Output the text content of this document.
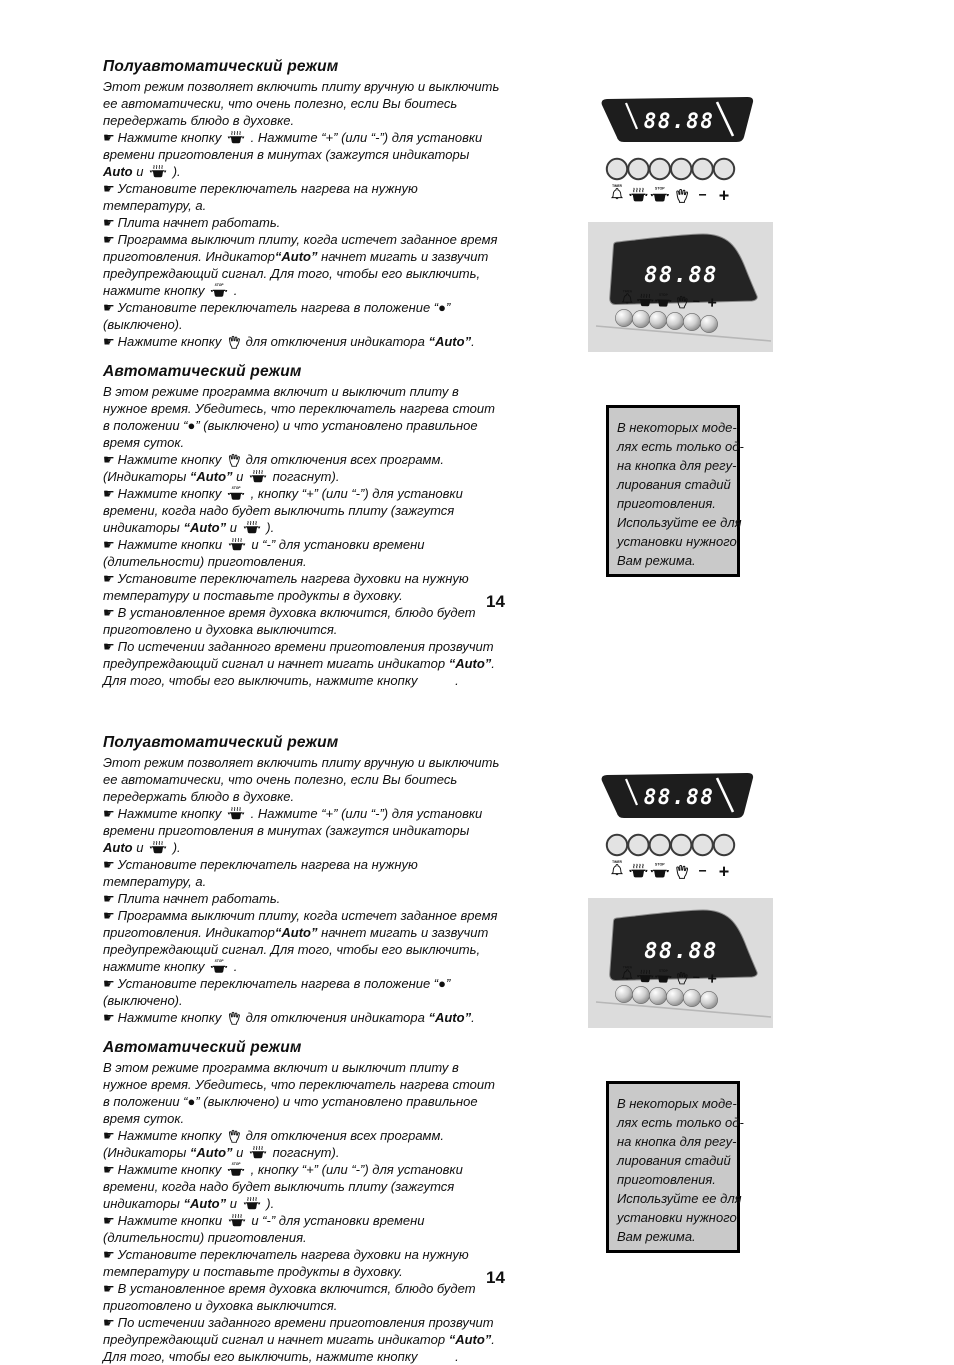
Полуавтоматический режим

Этот режим позволяет включить плиту вручную и выключить ее автоматически, что очень полезно, если Вы боитесь передержать блюдо в духовке.

☛ Нажмите кнопку . Нажмите “+” (или “-”) для установки времени приготовления в минутах (зажгутся индикаторы Auto и ).
☛ Установите переключатель нагрева на нужную температуру, а.
☛ Плита начнет работать.
☛ Программа выключит плиту, когда истечет заданное время приготовления. Индикатор“Auto” начнет мигать и зазвучит предупреждающий сигнал. Для того, чтобы его выключить, нажмите кнопку .
☛ Установите переключатель нагрева в положение “●” (выключено).
☛ Нажмите кнопку для отключения индикатора “Auto”.
Автоматический режим

В этом режиме программа включит и выключит плиту в нужное время. Убедитесь, что переключатель нагрева стоит в положении “●” (выключено) и что установлено правильное время суток.

☛ Нажмите кнопку для отключения всех программ. (Индикаторы “Auto” и погаснут).
☛ Нажмите кнопку , кнопку “+” (или “-”) для установки времени, когда надо будет выключить плиту (зажгутся индикаторы “Auto” и ).
☛ Нажмите кнопки и “-” для установки времени (длительности) приготовления.
☛ Установите переключатель нагрева духовки на нужную температуру и поставьте продукты в духовку.
☛ В установленное время духовка включится, блюдо будет приготовлено и духовка выключится.
☛ По истечении заданного времени приготовления прозвучит предупреждающий сигнал и начнет мигать индикатор “Auto”. Для того, чтобы его выключить, нажмите кнопку	.
14
88.88
− +
88.88
− +
В некоторых моде-
лях есть только од-
на кнопка для регу-
лирования стадий
приготовления.
Используйте ее для
установки нужного
Вам режима.
Полуавтоматический режим

Этот режим позволяет включить плиту вручную и выключить ее автоматически, что очень полезно, если Вы боитесь передержать блюдо в духовке.

☛ Нажмите кнопку . Нажмите “+” (или “-”) для установки времени приготовления в минутах (зажгутся индикаторы Auto и ).
☛ Установите переключатель нагрева на нужную температуру, а.
☛ Плита начнет работать.
☛ Программа выключит плиту, когда истечет заданное время приготовления. Индикатор“Auto” начнет мигать и зазвучит предупреждающий сигнал. Для того, чтобы его выключить, нажмите кнопку .
☛ Установите переключатель нагрева в положение “●” (выключено).
☛ Нажмите кнопку для отключения индикатора “Auto”.
Автоматический режим

В этом режиме программа включит и выключит плиту в нужное время. Убедитесь, что переключатель нагрева стоит в положении “●” (выключено) и что установлено правильное время суток.

☛ Нажмите кнопку для отключения всех программ. (Индикаторы “Auto” и погаснут).
☛ Нажмите кнопку , кнопку “+” (или “-”) для установки времени, когда надо будет выключить плиту (зажгутся индикаторы “Auto” и ).
☛ Нажмите кнопки и “-” для установки времени (длительности) приготовления.
☛ Установите переключатель нагрева духовки на нужную температуру и поставьте продукты в духовку.
☛ В установленное время духовка включится, блюдо будет приготовлено и духовка выключится.
☛ По истечении заданного времени приготовления прозвучит предупреждающий сигнал и начнет мигать индикатор “Auto”. Для того, чтобы его выключить, нажмите кнопку	.
14
88.88
− +
88.88
− +
В некоторых моде-
лях есть только од-
на кнопка для регу-
лирования стадий
приготовления.
Используйте ее для
установки нужного
Вам режима.
